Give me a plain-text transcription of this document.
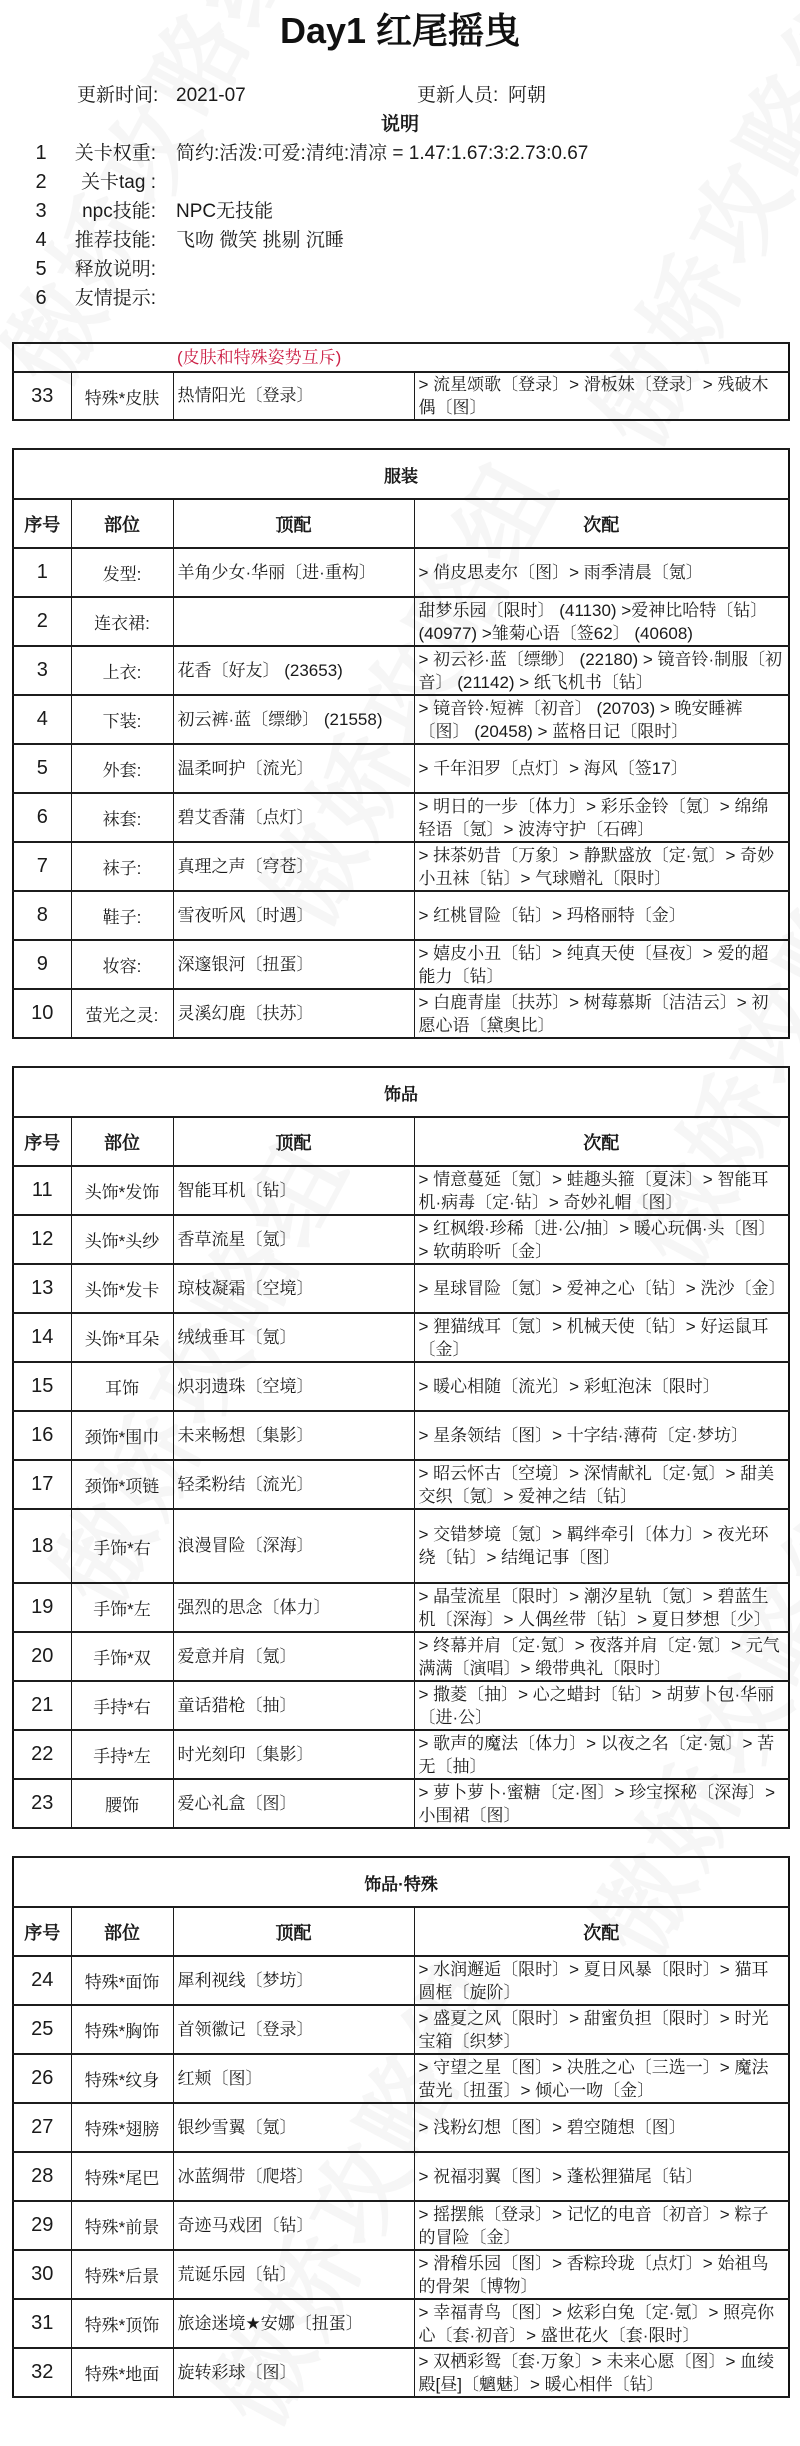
Day1 红尾摇曳
更新时间: 2021-07	更新人员: 阿朝
说明
1	关卡权重: 简约:活泼:可爱:清纯:清凉 = 1.47:1.67:3:2.73:0.67
2	关卡tag :
3	npc技能: NPC无技能
4	推荐技能: 飞吻 微笑 挑剔 沉睡
5	释放说明:
6	友情提示:
(皮肤和特殊姿势互斥)
33	特殊*皮肤	热情阳光〔登录〕	> 流星颂歌〔登录〕> 滑板妹〔登录〕> 残破木偶〔图〕
服装			
序号	部位	顶配	次配
1	发型:	羊角少女·华丽〔进·重构〕	> 俏皮思麦尔〔图〕> 雨季清晨〔氪〕
2	连衣裙:		甜梦乐园〔限时〕 (41130) >爱神比哈特〔钻〕 (40977) >雏菊心语〔签62〕 (40608)
3	上衣:	花香〔好友〕 (23653)	> 初云衫·蓝〔缥缈〕 (22180) > 镜音铃·制服〔初音〕 (21142) > 纸飞机书〔钻〕
4	下装:	初云裤·蓝〔缥缈〕 (21558)	> 镜音铃·短裤〔初音〕 (20703) > 晚安睡裤〔图〕 (20458) > 蓝格日记〔限时〕
5	外套:	温柔呵护〔流光〕	> 千年汨罗〔点灯〕> 海风〔签17〕
6	袜套:	碧艾香蒲〔点灯〕	> 明日的一步〔体力〕> 彩乐金铃〔氪〕> 绵绵轻语〔氪〕> 波涛守护〔石碑〕
7	袜子:	真理之声〔穹苍〕	> 抹茶奶昔〔万象〕> 静默盛放〔定·氪〕> 奇妙小丑袜〔钻〕> 气球赠礼〔限时〕
8	鞋子:	雪夜听风〔时遇〕	> 红桃冒险〔钻〕> 玛格丽特〔金〕
9	妆容:	深邃银河〔扭蛋〕	> 嬉皮小丑〔钻〕> 纯真天使〔昼夜〕> 爱的超能力〔钻〕
10	萤光之灵:	灵溪幻鹿〔扶苏〕	> 白鹿青崖〔扶苏〕> 树莓慕斯〔洁洁云〕> 初愿心语〔黛奥比〕
饰品			
序号	部位	顶配	次配
11	头饰*发饰	智能耳机〔钻〕	> 情意蔓延〔氪〕> 蛙趣头箍〔夏沫〕> 智能耳机·病毒〔定·钻〕> 奇妙礼帽〔图〕
12	头饰*头纱	香草流星〔氪〕	> 红枫缎·珍稀〔进·公/抽〕> 暖心玩偶·头〔图〕> 软萌聆听〔金〕
13	头饰*发卡	琼枝凝霜〔空境〕	> 星球冒险〔氪〕> 爱神之心〔钻〕> 洗沙〔金〕
14	头饰*耳朵	绒绒垂耳〔氪〕	> 狸猫绒耳〔氪〕> 机械天使〔钻〕> 好运鼠耳〔金〕
15	耳饰	炽羽遗珠〔空境〕	> 暖心相随〔流光〕> 彩虹泡沫〔限时〕
16	颈饰*围巾	未来畅想〔集影〕	> 星条领结〔图〕> 十字结·薄荷〔定·梦坊〕
17	颈饰*项链	轻柔粉结〔流光〕	> 昭云怀古〔空境〕> 深情献礼〔定·氪〕> 甜美交织〔氪〕> 爱神之结〔钻〕
18	手饰*右	浪漫冒险〔深海〕	> 交错梦境〔氪〕> 羁绊牵引〔体力〕> 夜光环绕〔钻〕> 结绳记事〔图〕
19	手饰*左	强烈的思念〔体力〕	> 晶莹流星〔限时〕> 潮汐星轨〔氪〕> 碧蓝生机〔深海〕> 人偶丝带〔钻〕> 夏日梦想〔少〕
20	手饰*双	爱意并肩〔氪〕	> 终幕并肩〔定·氪〕> 夜落并肩〔定·氪〕> 元气满满〔演唱〕> 缎带典礼〔限时〕
21	手持*右	童话猎枪〔抽〕	> 撒菱〔抽〕> 心之蜡封〔钻〕> 胡萝卜包·华丽〔进·公〕
22	手持*左	时光刻印〔集影〕	> 歌声的魔法〔体力〕> 以夜之名〔定·氪〕> 苦无〔抽〕
23	腰饰	爱心礼盒〔图〕	> 萝卜萝卜·蜜糖〔定·图〕> 珍宝探秘〔深海〕> 小围裙〔图〕
饰品·特殊			
序号	部位	顶配	次配
24	特殊*面饰	犀利视线〔梦坊〕	> 水润邂逅〔限时〕> 夏日风暴〔限时〕> 猫耳圆框〔旋阶〕
25	特殊*胸饰	首领徽记〔登录〕	> 盛夏之风〔限时〕> 甜蜜负担〔限时〕> 时光宝箱〔织梦〕
26	特殊*纹身	红颊〔图〕	> 守望之星〔图〕> 决胜之心〔三选一〕> 魔法萤光〔扭蛋〕> 倾心一吻〔金〕
27	特殊*翅膀	银纱雪翼〔氪〕	> 浅粉幻想〔图〕> 碧空随想〔图〕
28	特殊*尾巴	冰蓝绸带〔爬塔〕	> 祝福羽翼〔图〕> 蓬松狸猫尾〔钻〕
29	特殊*前景	奇迹马戏团〔钻〕	> 摇摆熊〔登录〕> 记忆的电音〔初音〕> 粽子的冒险〔金〕
30	特殊*后景	荒诞乐园〔钻〕	> 滑稽乐园〔图〕> 香粽玲珑〔点灯〕> 始祖鸟的骨架〔博物〕
31	特殊*顶饰	旅途迷境★安娜〔扭蛋〕	> 幸福青鸟〔图〕> 炫彩白兔〔定·氪〕> 照亮你心〔套·初音〕> 盛世花火〔套·限时〕
32	特殊*地面	旋转彩球〔图〕	> 双栖彩鸳〔套·万象〕> 未来心愿〔图〕> 血绫殿[昼]〔魑魅〕> 暖心相伴〔钻〕
